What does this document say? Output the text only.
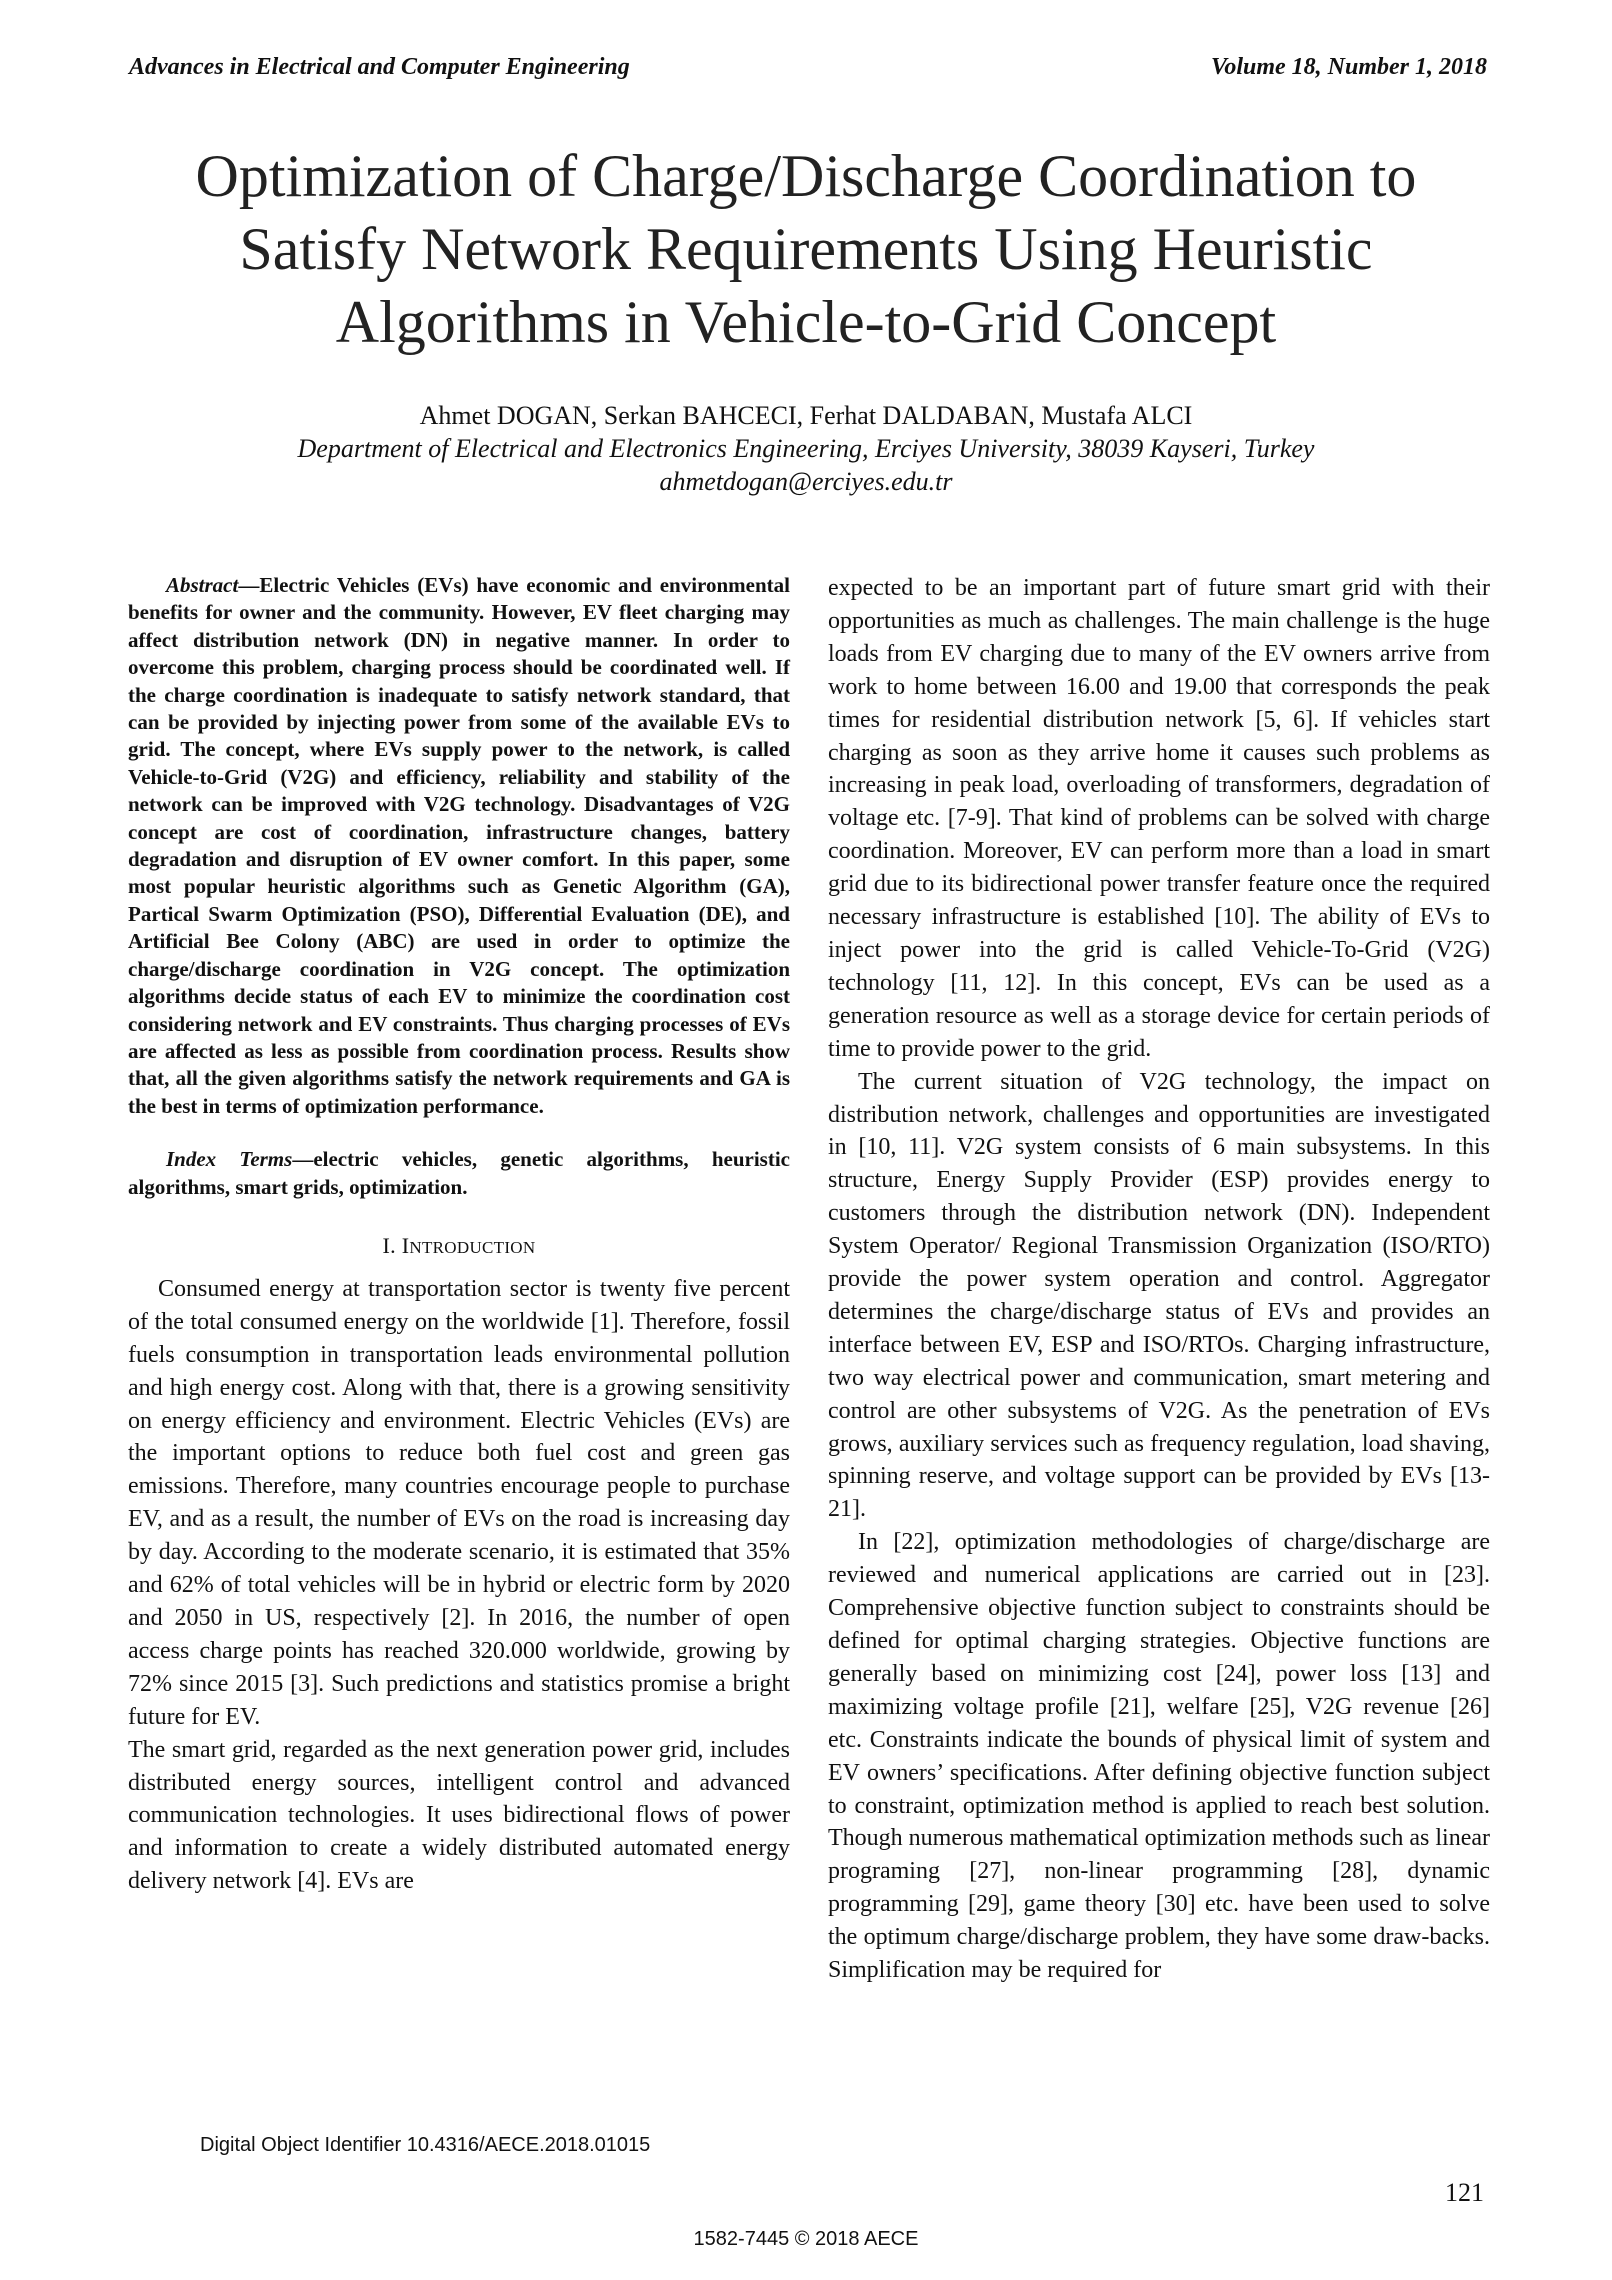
Advances in Electrical and Computer Engineering	Volume 18, Number 1, 2018
Optimization of Charge/Discharge Coordination to
Satisfy Network Requirements Using Heuristic
Algorithms in Vehicle-to-Grid Concept
Ahmet DOGAN, Serkan BAHCECI, Ferhat DALDABAN, Mustafa ALCI
Department of Electrical and Electronics Engineering, Erciyes University, 38039 Kayseri, Turkey
ahmetdogan@erciyes.edu.tr

Abstract—Electric Vehicles (EVs) have economic and environmental benefits for owner and the community. However, EV fleet charging may affect distribution network (DN) in negative manner. In order to overcome this problem, charging process should be coordinated well. If the charge coordination is inadequate to satisfy network standard, that can be provided by injecting power from some of the available EVs to grid. The concept, where EVs supply power to the network, is called Vehicle-to-Grid (V2G) and efficiency, reliability and stability of the network can be improved with V2G technology. Disadvantages of V2G concept are cost of coordination, infrastructure changes, battery degradation and disruption of EV owner comfort. In this paper, some most popular heuristic algorithms such as Genetic Algorithm (GA), Partical Swarm Optimization (PSO), Differential Evaluation (DE), and Artificial Bee Colony (ABC) are used in order to optimize the charge/discharge coordination in V2G concept. The optimization algorithms decide status of each EV to minimize the coordination cost considering network and EV constraints. Thus charging processes of EVs are affected as less as possible from coordination process. Results show that, all the given algorithms satisfy the network requirements and GA is the best in terms of optimization performance.

Index Terms—electric vehicles, genetic algorithms, heuristic algorithms, smart grids, optimization.

I. INTRODUCTION

Consumed energy at transportation sector is twenty five percent of the total consumed energy on the worldwide [1]. Therefore, fossil fuels consumption in transportation leads environmental pollution and high energy cost. Along with that, there is a growing sensitivity on energy efficiency and environment. Electric Vehicles (EVs) are the important options to reduce both fuel cost and green gas emissions. Therefore, many countries encourage people to purchase EV, and as a result, the number of EVs on the road is increasing day by day. According to the moderate scenario, it is estimated that 35% and 62% of total vehicles will be in hybrid or electric form by 2020 and 2050 in US, respectively [2]. In 2016, the number of open access charge points has reached 320.000 worldwide, growing by 72% since 2015 [3]. Such predictions and statistics promise a bright future for EV.

The smart grid, regarded as the next generation power grid, includes distributed energy sources, intelligent control and advanced communication technologies. It uses bidirectional flows of power and information to create a widely distributed automated energy delivery network [4]. EVs are

expected to be an important part of future smart grid with their opportunities as much as challenges. The main challenge is the huge loads from EV charging due to many of the EV owners arrive from work to home between 16.00 and 19.00 that corresponds the peak times for residential distribution network [5, 6]. If vehicles start charging as soon as they arrive home it causes such problems as increasing in peak load, overloading of transformers, degradation of voltage etc. [7-9]. That kind of problems can be solved with charge coordination. Moreover, EV can perform more than a load in smart grid due to its bidirectional power transfer feature once the required necessary infrastructure is established [10]. The ability of EVs to inject power into the grid is called Vehicle-To-Grid (V2G) technology [11, 12]. In this concept, EVs can be used as a generation resource as well as a storage device for certain periods of time to provide power to the grid.

The current situation of V2G technology, the impact on distribution network, challenges and opportunities are investigated in [10, 11]. V2G system consists of 6 main subsystems. In this structure, Energy Supply Provider (ESP) provides energy to customers through the distribution network (DN). Independent System Operator/ Regional Transmission Organization (ISO/RTO) provide the power system operation and control. Aggregator determines the charge/discharge status of EVs and provides an interface between EV, ESP and ISO/RTOs. Charging infrastructure, two way electrical power and communication, smart metering and control are other subsystems of V2G. As the penetration of EVs grows, auxiliary services such as frequency regulation, load shaving, spinning reserve, and voltage support can be provided by EVs [13-21].

In [22], optimization methodologies of charge/discharge are reviewed and numerical applications are carried out in [23]. Comprehensive objective function subject to constraints should be defined for optimal charging strategies. Objective functions are generally based on minimizing cost [24], power loss [13] and maximizing voltage profile [21], welfare [25], V2G revenue [26] etc. Constraints indicate the bounds of physical limit of system and EV owners’ specifications. After defining objective function subject to constraint, optimization method is applied to reach best solution. Though numerous mathematical optimization methods such as linear programing [27], non-linear programming [28], dynamic programming [29], game theory [30] etc. have been used to solve the optimum charge/discharge problem, they have some draw-backs. Simplification may be required for

Digital Object Identifier 10.4316/AECE.2018.01015
121
1582-7445 © 2018 AECE
